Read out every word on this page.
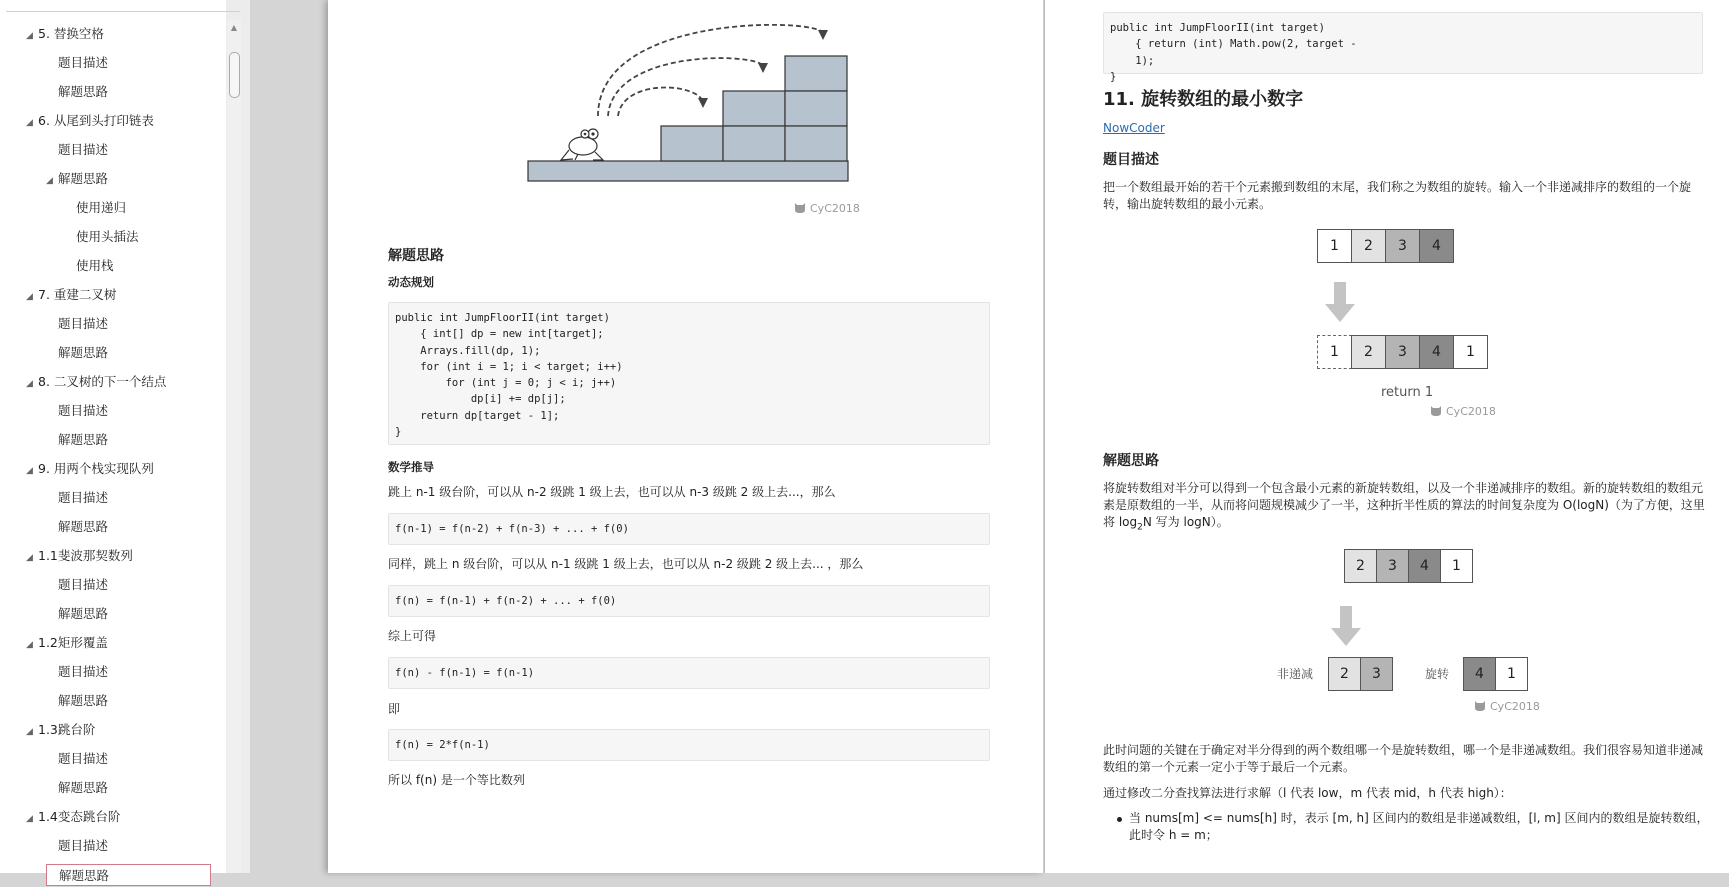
◢ 5. 替换空格
题目描述
解题思路
◢ 6. 从尾到头打印链表
题目描述
◢ 解题思路
使用递归
使用头插法
使用栈
◢ 7. 重建二叉树
题目描述
解题思路
◢ 8. 二叉树的下一个结点
题目描述
解题思路
◢ 9. 用两个栈实现队列
题目描述
解题思路
◢ 1.1斐波那契数列
题目描述
解题思路
◢ 1.2矩形覆盖
题目描述
解题思路
◢ 1.3跳台阶
题目描述
解题思路
◢ 1.4变态跳台阶
题目描述
解题思路
▲
CyC2018
解题思路
动态规划
public int JumpFloorII(int target)
{ int[] dp = new int[target];
Arrays.fill(dp, 1);
for (int i = 1; i < target; i++)
for (int j = 0; j < i; j++)
dp[i] += dp[j];
return dp[target - 1];
}
数学推导
跳上 n-1 级台阶，可以从 n-2 级跳 1 级上去，也可以从 n-3 级跳 2 级上去...，那么
f(n-1) = f(n-2) + f(n-3) + ... + f(0)
同样，跳上 n 级台阶，可以从 n-1 级跳 1 级上去，也可以从 n-2 级跳 2 级上去... ，那么
f(n) = f(n-1) + f(n-2) + ... + f(0)
综上可得
f(n) - f(n-1) = f(n-1)
即
f(n) = 2*f(n-1)
所以 f(n) 是一个等比数列
public int JumpFloorII(int target)
{ return (int) Math.pow(2, target -
1);
}
11. 旋转数组的最小数字
NowCoder
题目描述
把一个数组最开始的若干个元素搬到数组的末尾，我们称之为数组的旋转。输入一个非递减排序的数组的一个旋转，输出旋转数组的最小元素。
return 1
CyC2018
解题思路
将旋转数组对半分可以得到一个包含最小元素的新旋转数组，以及一个非递减排序的数组。新的旋转数组的数组元素是原数组的一半，从而将问题规模减少了一半，这种折半性质的算法的时间复杂度为 O(logN)（为了方便，这里将 $\log_2N$ 写为 logN）。
非递减	旋转
CyC2018
此时问题的关键在于确定对半分得到的两个数组哪一个是旋转数组，哪一个是非递减数组。我们很容易知道非递减数组的第一个元素一定小于等于最后一个元素。
通过修改二分查找算法进行求解（l 代表 low，m 代表 mid，h 代表 high）：
当 nums[m] <= nums[h] 时，表示 [m, h] 区间内的数组是非递减数组，[l, m] 区间内的数组是旋转数组，此时令 h = m；
1	2	3	4
1	2	3	4	1
2	3	4	1
2	3	4	1
